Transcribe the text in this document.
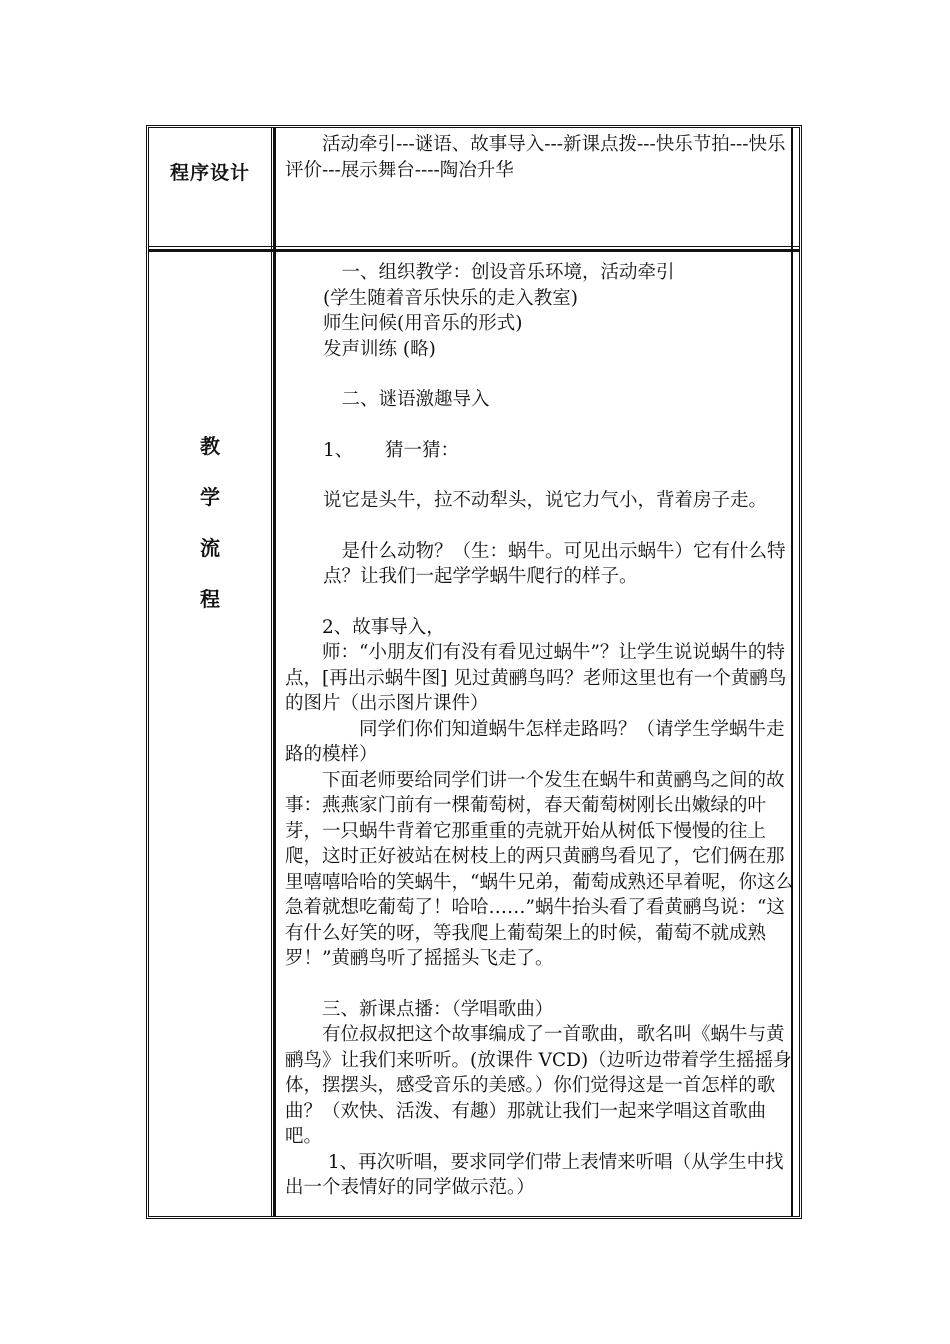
程序设计
　　活动牵引---谜语、故事导入---新课点拨---快乐节拍---快乐评价---展示舞台----陶冶升华
教
学
流
程

　一、组织教学：创设音乐环境，活动牵引

(学生随着音乐快乐的走入教室)

师生问候(用音乐的形式)

发声训练 (略)

　二、谜语激趣导入

1、 猜一猜：

说它是头牛，拉不动犁头，说它力气小，背着房子走。

　是什么动物？（生：蜗牛。可见出示蜗牛）它有什么特点？让我们一起学学蜗牛爬行的样子。

　　2、故事导入，

　　师：“小朋友们有没有看见过蜗牛”？让学生说说蜗牛的特点，[再出示蜗牛图] 见过黄鹂鸟吗？老师这里也有一个黄鹂鸟的图片（出示图片课件）

　　　　同学们你们知道蜗牛怎样走路吗？（请学生学蜗牛走路的模样）

　　下面老师要给同学们讲一个发生在蜗牛和黄鹂鸟之间的故事：燕燕家门前有一棵葡萄树，春天葡萄树刚长出嫩绿的叶芽，一只蜗牛背着它那重重的壳就开始从树低下慢慢的往上爬，这时正好被站在树枝上的两只黄鹂鸟看见了，它们俩在那里嘻嘻哈哈的笑蜗牛，“蜗牛兄弟，葡萄成熟还早着呢，你这么急着就想吃葡萄了！哈哈……”蜗牛抬头看了看黄鹂鸟说：“这有什么好笑的呀，等我爬上葡萄架上的时候，葡萄不就成熟罗！”黄鹂鸟听了摇摇头飞走了。

　　三、新课点播：（学唱歌曲）

　　有位叔叔把这个故事编成了一首歌曲，歌名叫《蜗牛与黄鹂鸟》让我们来听听。(放课件 VCD)（边听边带着学生摇摇身体，摆摆头，感受音乐的美感。）你们觉得这是一首怎样的歌曲？（欢快、活泼、有趣）那就让我们一起来学唱这首歌曲吧。

　　 1、再次听唱，要求同学们带上表情来听唱（从学生中找出一个表情好的同学做示范。）
